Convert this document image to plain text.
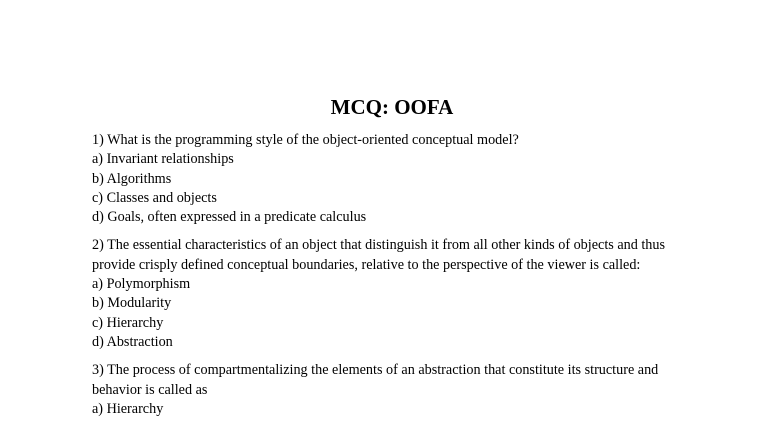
MCQ: OOFA
1) What is the programming style of the object-oriented conceptual model?
a) Invariant relationships
b) Algorithms
c) Classes and objects
d) Goals, often expressed in a predicate calculus
2) The essential characteristics of an object that distinguish it from all other kinds of objects and thus provide crisply defined conceptual boundaries, relative to the perspective of the viewer is called:
a) Polymorphism
b) Modularity
c) Hierarchy
d) Abstraction
3) The process of compartmentalizing the elements of an abstraction that constitute its structure and behavior is called as
a) Hierarchy
